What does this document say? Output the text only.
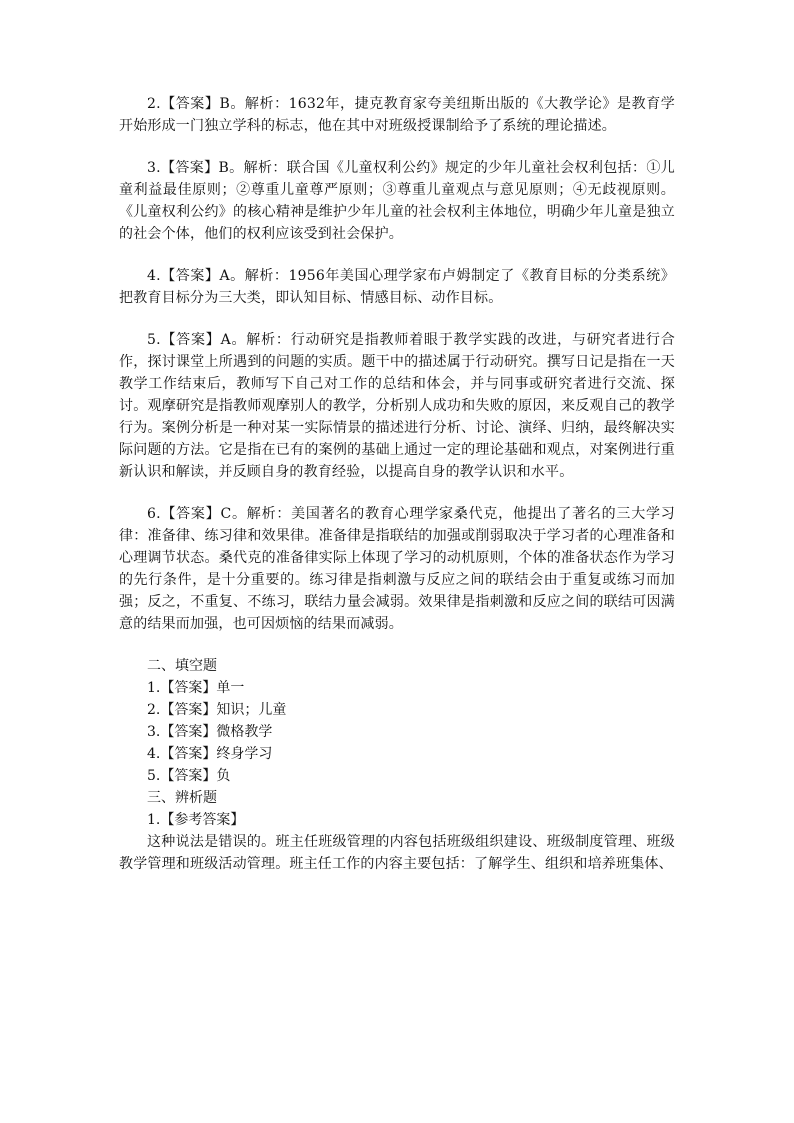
2.【答案】B。解析：1632年，捷克教育家夸美纽斯出版的《大教学论》是教育学开始形成一门独立学科的标志，他在其中对班级授课制给予了系统的理论描述。

3.【答案】B。解析：联合国《儿童权利公约》规定的少年儿童社会权利包括：①儿童利益最佳原则；②尊重儿童尊严原则；③尊重儿童观点与意见原则；④无歧视原则。《儿童权利公约》的核心精神是维护少年儿童的社会权利主体地位，明确少年儿童是独立的社会个体，他们的权利应该受到社会保护。

4.【答案】A。解析：1956年美国心理学家布卢姆制定了《教育目标的分类系统》把教育目标分为三大类，即认知目标、情感目标、动作目标。

5.【答案】A。解析：行动研究是指教师着眼于教学实践的改进，与研究者进行合作，探讨课堂上所遇到的问题的实质。题干中的描述属于行动研究。撰写日记是指在一天教学工作结束后，教师写下自己对工作的总结和体会，并与同事或研究者进行交流、探讨。观摩研究是指教师观摩别人的教学，分析别人成功和失败的原因，来反观自己的教学行为。案例分析是一种对某一实际情景的描述进行分析、讨论、演绎、归纳，最终解决实际问题的方法。它是指在已有的案例的基础上通过一定的理论基础和观点，对案例进行重新认识和解读，并反顾自身的教育经验，以提高自身的教学认识和水平。

6.【答案】C。解析：美国著名的教育心理学家桑代克，他提出了著名的三大学习律：准备律、练习律和效果律。准备律是指联结的加强或削弱取决于学习者的心理准备和心理调节状态。桑代克的准备律实际上体现了学习的动机原则，个体的准备状态作为学习的先行条件，是十分重要的。练习律是指刺激与反应之间的联结会由于重复或练习而加强；反之，不重复、不练习，联结力量会减弱。效果律是指刺激和反应之间的联结可因满意的结果而加强，也可因烦恼的结果而减弱。

二、填空题

1.【答案】单一

2.【答案】知识；儿童

3.【答案】微格教学

4.【答案】终身学习

5.【答案】负

三、辨析题

1.【参考答案】

这种说法是错误的。班主任班级管理的内容包括班级组织建设、班级制度管理、班级教学管理和班级活动管理。班主任工作的内容主要包括：了解学生、组织和培养班集体、
